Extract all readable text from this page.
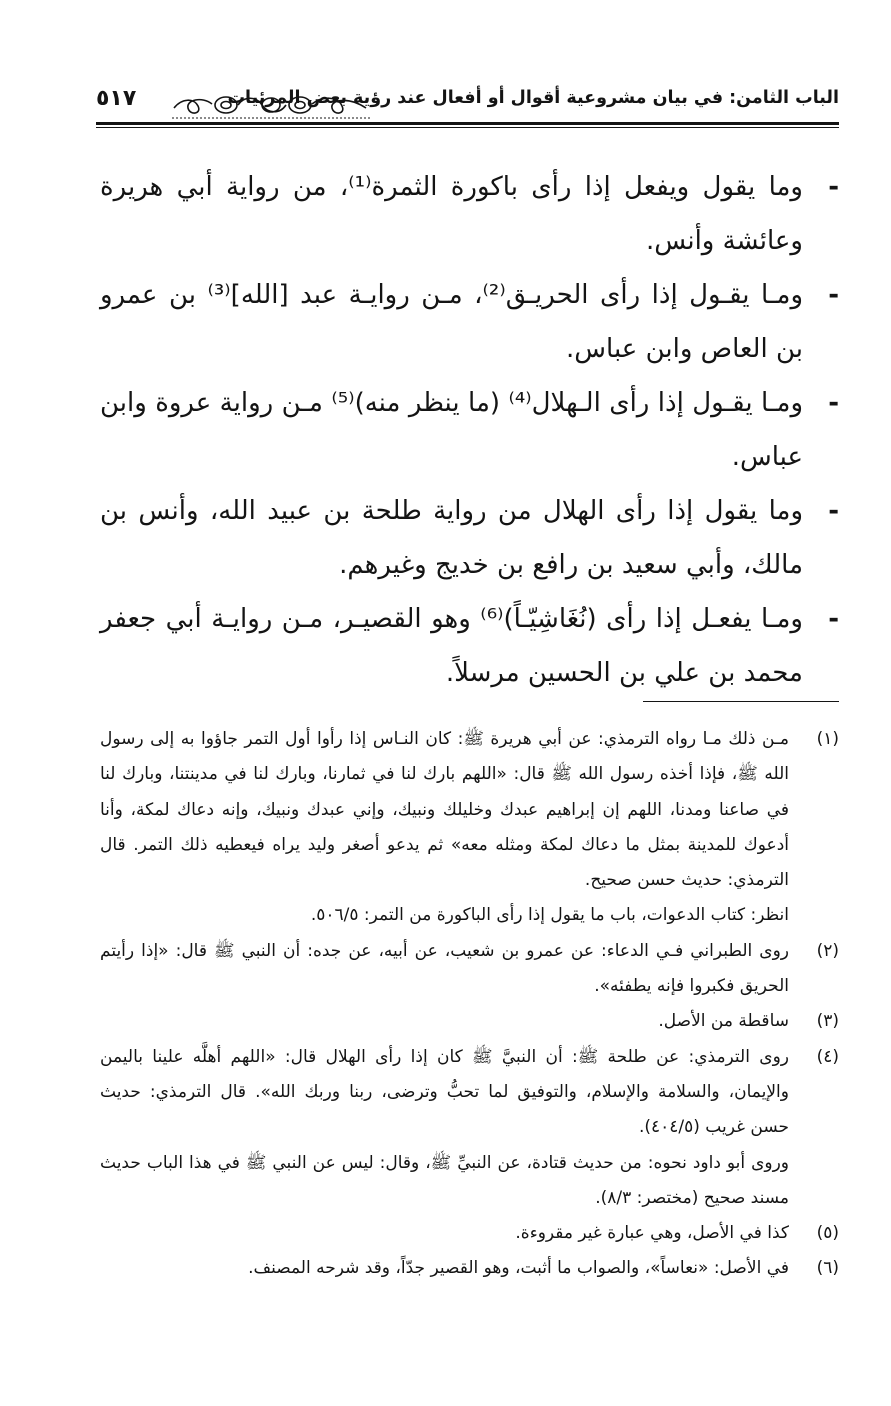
الباب الثامن: في بيان مشروعية أقوال أو أفعال عند رؤية بعض المرئيات
٥١٧
-

وما يقول ويفعل إذا رأى باكورة الثمرة⁽¹⁾، من رواية أبي هريرة وعائشة وأنس.

-

ومـا يقـول إذا رأى الحريـق⁽²⁾، مـن روايـة عبد [الله]⁽³⁾ بن عمرو بن العاص وابن عباس.

-

ومـا يقـول إذا رأى الـهلال⁽⁴⁾ (ما ينظر منه)⁽⁵⁾ مـن رواية عروة وابن عباس.

-

وما يقول إذا رأى الهلال من رواية طلحة بن عبيد الله، وأنس بن مالك، وأبي سعيد بن رافع بن خديج وغيرهم.

-

ومـا يفعـل إذا رأى (نُغَاشِيّـاً)⁽⁶⁾ وهو القصيـر، مـن روايـة أبي جعفر محمد بن علي بن الحسين مرسلاً.

(١)

مـن ذلك مـا رواه الترمذي: عن أبي هريرة ﷺ: كان النـاس إذا رأوا أول التمر جاؤوا به إلى رسول الله ﷺ، فإذا أخذه رسول الله ﷺ قال: «اللهم بارك لنا في ثمارنا، وبارك لنا في مدينتنا، وبارك لنا في صاعنا ومدنا، اللهم إن إبراهيم عبدك وخليلك ونبيك، وإني عبدك ونبيك، وإنه دعاك لمكة، وأنا أدعوك للمدينة بمثل ما دعاك لمكة ومثله معه» ثم يدعو أصغر وليد يراه فيعطيه ذلك التمر. قال الترمذي: حديث حسن صحيح.

انظر: كتاب الدعوات، باب ما يقول إذا رأى الباكورة من التمر: ٥٠٦/٥.

(٢)

روى الطبراني فـي الدعاء: عن عمرو بن شعيب، عن أبيه، عن جده: أن النبي ﷺ قال: «إذا رأيتم الحريق فكبروا فإنه يطفئه».

(٣)

ساقطة من الأصل.

(٤)

روى الترمذي: عن طلحة ﷺ: أن النبيَّ ﷺ كان إذا رأى الهلال قال: «اللهم أهلَّه علينا باليمن والإيمان، والسلامة والإسلام، والتوفيق لما تحبُّ وترضى، ربنا وربك الله». قال الترمذي: حديث حسن غريب (٤٠٤/٥).

وروى أبو داود نحوه: من حديث قتادة، عن النبيِّ ﷺ، وقال: ليس عن النبي ﷺ في هذا الباب حديث مسند صحيح (مختصر: ٨/٣).

(٥)

كذا في الأصل، وهي عبارة غير مقروءة.

(٦)

في الأصل: «نعاساً»، والصواب ما أثبت، وهو القصير جدّاً، وقد شرحه المصنف.
